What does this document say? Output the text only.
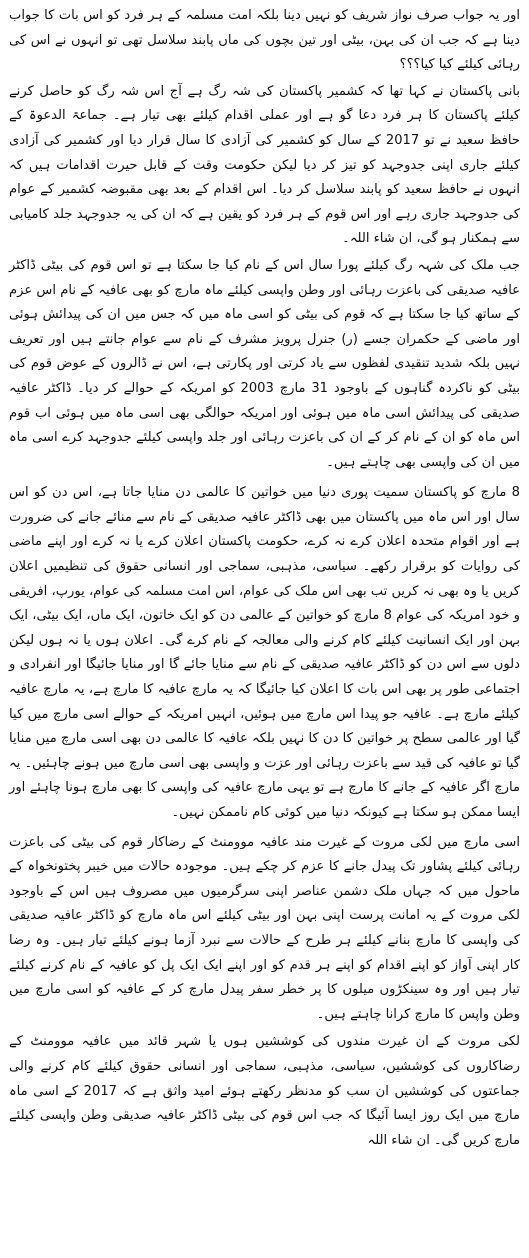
اور یہ جواب صرف نواز شریف کو نہیں دینا بلکہ امت مسلمہ کے ہر فرد کو اس بات کا جواب دینا ہے کہ جب ان کی بہن، بیٹی اور تین بچوں کی ماں پابند سلاسل تھی تو انہوں نے اس کی رہائی کیلئے کیا کیا؟؟؟

بانی پاکستان نے کہا تھا کہ کشمیر پاکستان کی شہ رگ ہے آج اس شہ رگ کو حاصل کرنے کیلئے پاکستان کا ہر فرد دعا گو ہے اور عملی اقدام کیلئے بھی تیار ہے۔ جماعۃ الدعوۃ کے حافظ سعید نے تو 2017 کے سال کو کشمیر کی آزادی کا سال قرار دیا اور کشمیر کی آزادی کیلئے جاری اپنی جدوجہد کو تیز کر دیا لیکن حکومت وقت کے قابل حیرت اقدامات ہیں کہ انہوں نے حافظ سعید کو پابند سلاسل کر دیا۔ اس اقدام کے بعد بھی مقبوضہ کشمیر کے عوام کی جدوجہد جاری رہے اور اس قوم کے ہر فرد کو یقین ہے کہ ان کی یہ جدوجہد جلد کامیابی سے ہمکنار ہو گی، ان شاء اللہ۔

جب ملک کی شہہ رگ کیلئے پورا سال اس کے نام کیا جا سکتا ہے تو اس قوم کی بیٹی ڈاکٹر عافیہ صدیقی کی باعزت رہائی اور وطن واپسی کیلئے ماہ مارچ کو بھی عافیہ کے نام اس عزم کے ساتھ کیا جا سکتا ہے کہ قوم کی بیٹی کو اسی ماہ میں کہ جس میں ان کی پیدائش ہوئی اور ماضی کے حکمران جسے (ر) جنرل پرویز مشرف کے نام سے عوام جانتے ہیں اور تعریف نہیں بلکہ شدید تنقیدی لفظوں سے یاد کرتی اور پکارتی ہے، اس نے ڈالروں کے عوض قوم کی بیٹی کو ناکردہ گناہوں کے باوجود 31 مارچ 2003 کو امریکہ کے حوالے کر دیا۔ ڈاکٹر عافیہ صدیقی کی پیدائش اسی ماہ میں ہوئی اور امریکہ حوالگی بھی اسی ماہ میں ہوئی اب قوم اس ماہ کو ان کے نام کر کے ان کی باعزت رہائی اور جلد واپسی کیلئے جدوجہد کرے اسی ماہ میں ان کی واپسی بھی چاہتے ہیں۔

8 مارچ کو پاکستان سمیت پوری دنیا میں خواتین کا عالمی دن منایا جاتا ہے، اس دن کو اس سال اور اس ماہ میں پاکستان میں بھی ڈاکٹر عافیہ صدیقی کے نام سے منائے جانے کی ضرورت ہے اور اقوام متحدہ اعلان کرے نہ کرے، حکومت پاکستان اعلان کرے یا نہ کرے اور اپنے ماضی کی روایات کو برقرار رکھے۔ سیاسی، مذہبی، سماجی اور انسانی حقوق کی تنظیمیں اعلان کریں یا وہ بھی نہ کریں تب بھی اس ملک کی عوام، اس امت مسلمہ کی عوام، یورپ، افریقی و خود امریکہ کی عوام 8 مارچ کو خواتین کے عالمی دن کو ایک خاتون، ایک ماں، ایک بیٹی، ایک بہن اور ایک انسانیت کیلئے کام کرنے والی معالجہ کے نام کرے گی۔ اعلان ہوں یا نہ ہوں لیکن دلوں سے اس دن کو ڈاکٹر عافیہ صدیقی کے نام سے منایا جائے گا اور منایا جائیگا اور انفرادی و اجتماعی طور پر بھی اس بات کا اعلان کیا جائیگا کہ یہ مارچ عافیہ کا مارچ ہے، یہ مارچ عافیہ کیلئے مارچ ہے۔ عافیہ جو پیدا اس مارچ میں ہوئیں، انہیں امریکہ کے حوالے اسی مارچ میں کیا گیا اور عالمی سطح پر خواتین کا دن کا نہیں بلکہ عافیہ کا عالمی دن بھی اسی مارچ میں منایا گیا تو عافیہ کی قید سے باعزت رہائی اور عزت و واپسی بھی اسی مارچ میں ہونے چاہئیں۔ یہ مارچ اگر عافیہ کے جانے کا مارچ ہے تو یہی مارچ عافیہ کی واپسی کا بھی مارچ ہونا چاہئے اور ایسا ممکن ہو سکتا ہے کیونکہ دنیا میں کوئی کام ناممکن نہیں۔

اسی مارچ میں لکی مروت کے غیرت مند عافیہ موومنٹ کے رضاکار قوم کی بیٹی کی باعزت رہائی کیلئے پشاور تک پیدل جانے کا عزم کر چکے ہیں۔ موجودہ حالات میں خیبر پختونخواہ کے ماحول میں کہ جہاں ملک دشمن عناصر اپنی سرگرمیوں میں مصروف ہیں اس کے باوجود لکی مروت کے یہ امانت پرست اپنی بہن اور بیٹی کیلئے اس ماہ مارچ کو ڈاکٹر عافیہ صدیقی کی واپسی کا مارچ بنانے کیلئے ہر طرح کے حالات سے نبرد آزما ہونے کیلئے تیار ہیں۔ وہ رضا کار اپنی آواز کو اپنے اقدام کو اپنے ہر قدم کو اور اپنے ایک ایک پل کو عافیہ کے نام کرنے کیلئے تیار ہیں اور وہ سینکڑوں میلوں کا پر خطر سفر پیدل مارچ کر کے عافیہ کو اسی مارچ میں وطن واپس کا مارچ کرانا چاہتے ہیں۔

لکی مروت کے ان غیرت مندوں کی کوششیں ہوں یا شہر قائد میں عافیہ موومنٹ کے رضاکاروں کی کوششیں، سیاسی، مذہبی، سماجی اور انسانی حقوق کیلئے کام کرنے والی جماعتوں کی کوششیں ان سب کو مدنظر رکھتے ہوئے امید واثق ہے کہ 2017 کے اسی ماہ مارچ میں ایک روز ایسا آئیگا کہ جب اس قوم کی بیٹی ڈاکٹر عافیہ صدیقی وطن واپسی کیلئے مارچ کریں گی۔ ان شاء اللہ
